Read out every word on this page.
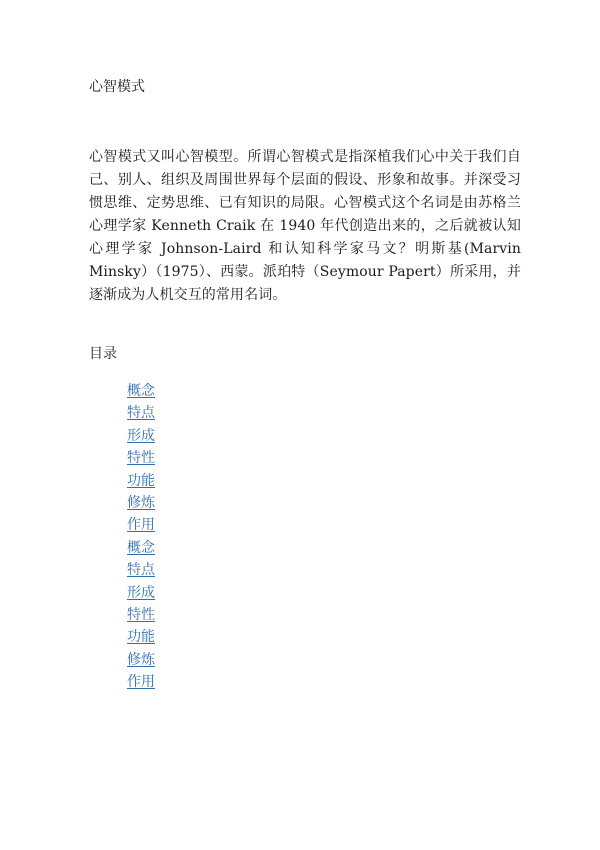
心智模式

心智模式又叫心智模型。所谓心智模式是指深植我们心中关于我们自己、别人、组织及周围世界每个层面的假设、形象和故事。并深受习惯思维、定势思维、已有知识的局限。心智模式这个名词是由苏格兰心理学家 Kenneth Craik 在 1940 年代创造出来的，之后就被认知心理学家 Johnson-Laird 和认知科学家马文？明斯基(Marvin Minsky）（1975）、西蒙。派珀特（Seymour Papert）所采用，并逐渐成为人机交互的常用名词。

目录
概念
特点
形成
特性
功能
修炼
作用
概念
特点
形成
特性
功能
修炼
作用
